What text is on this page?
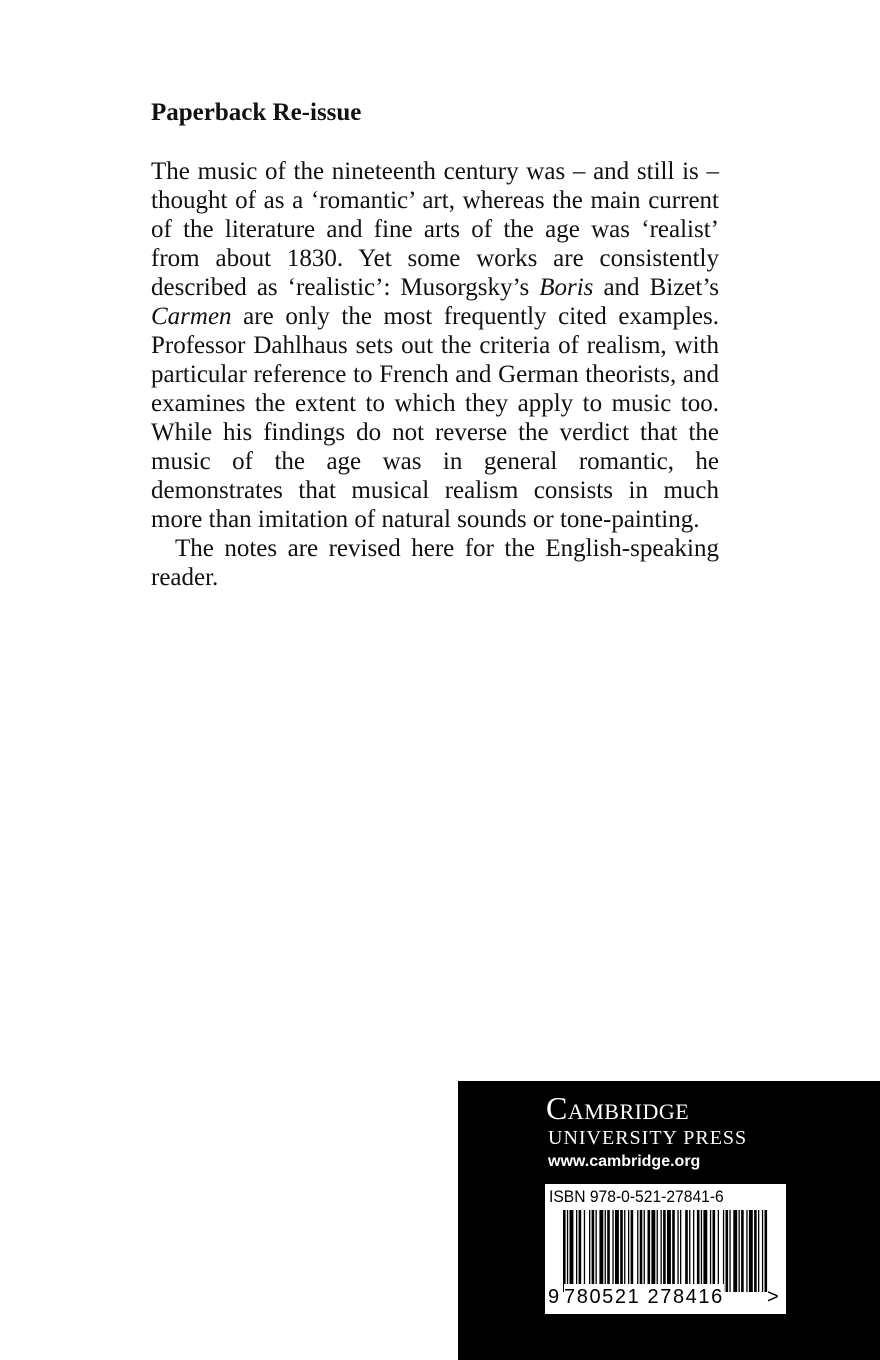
Paperback Re-issue

The music of the nineteenth century was – and still is – thought of as a ‘romantic’ art, whereas the main current of the literature and fine arts of the age was ‘realist’ from about 1830. Yet some works are consistently described as ‘realistic’: Musorgsky’s Boris and Bizet’s Carmen are only the most frequently cited examples. Professor Dahlhaus sets out the criteria of realism, with particular reference to French and German theorists, and examines the extent to which they apply to music too. While his findings do not reverse the verdict that the music of the age was in general romantic, he demonstrates that musical realism consists in much more than imitation of natural sounds or tone-painting.

The notes are revised here for the English-speaking reader.

Cambridge

UNIVERSITY PRESS

www.cambridge.org

ISBN 978-0-521-27841-6

9 780521 278416 >
